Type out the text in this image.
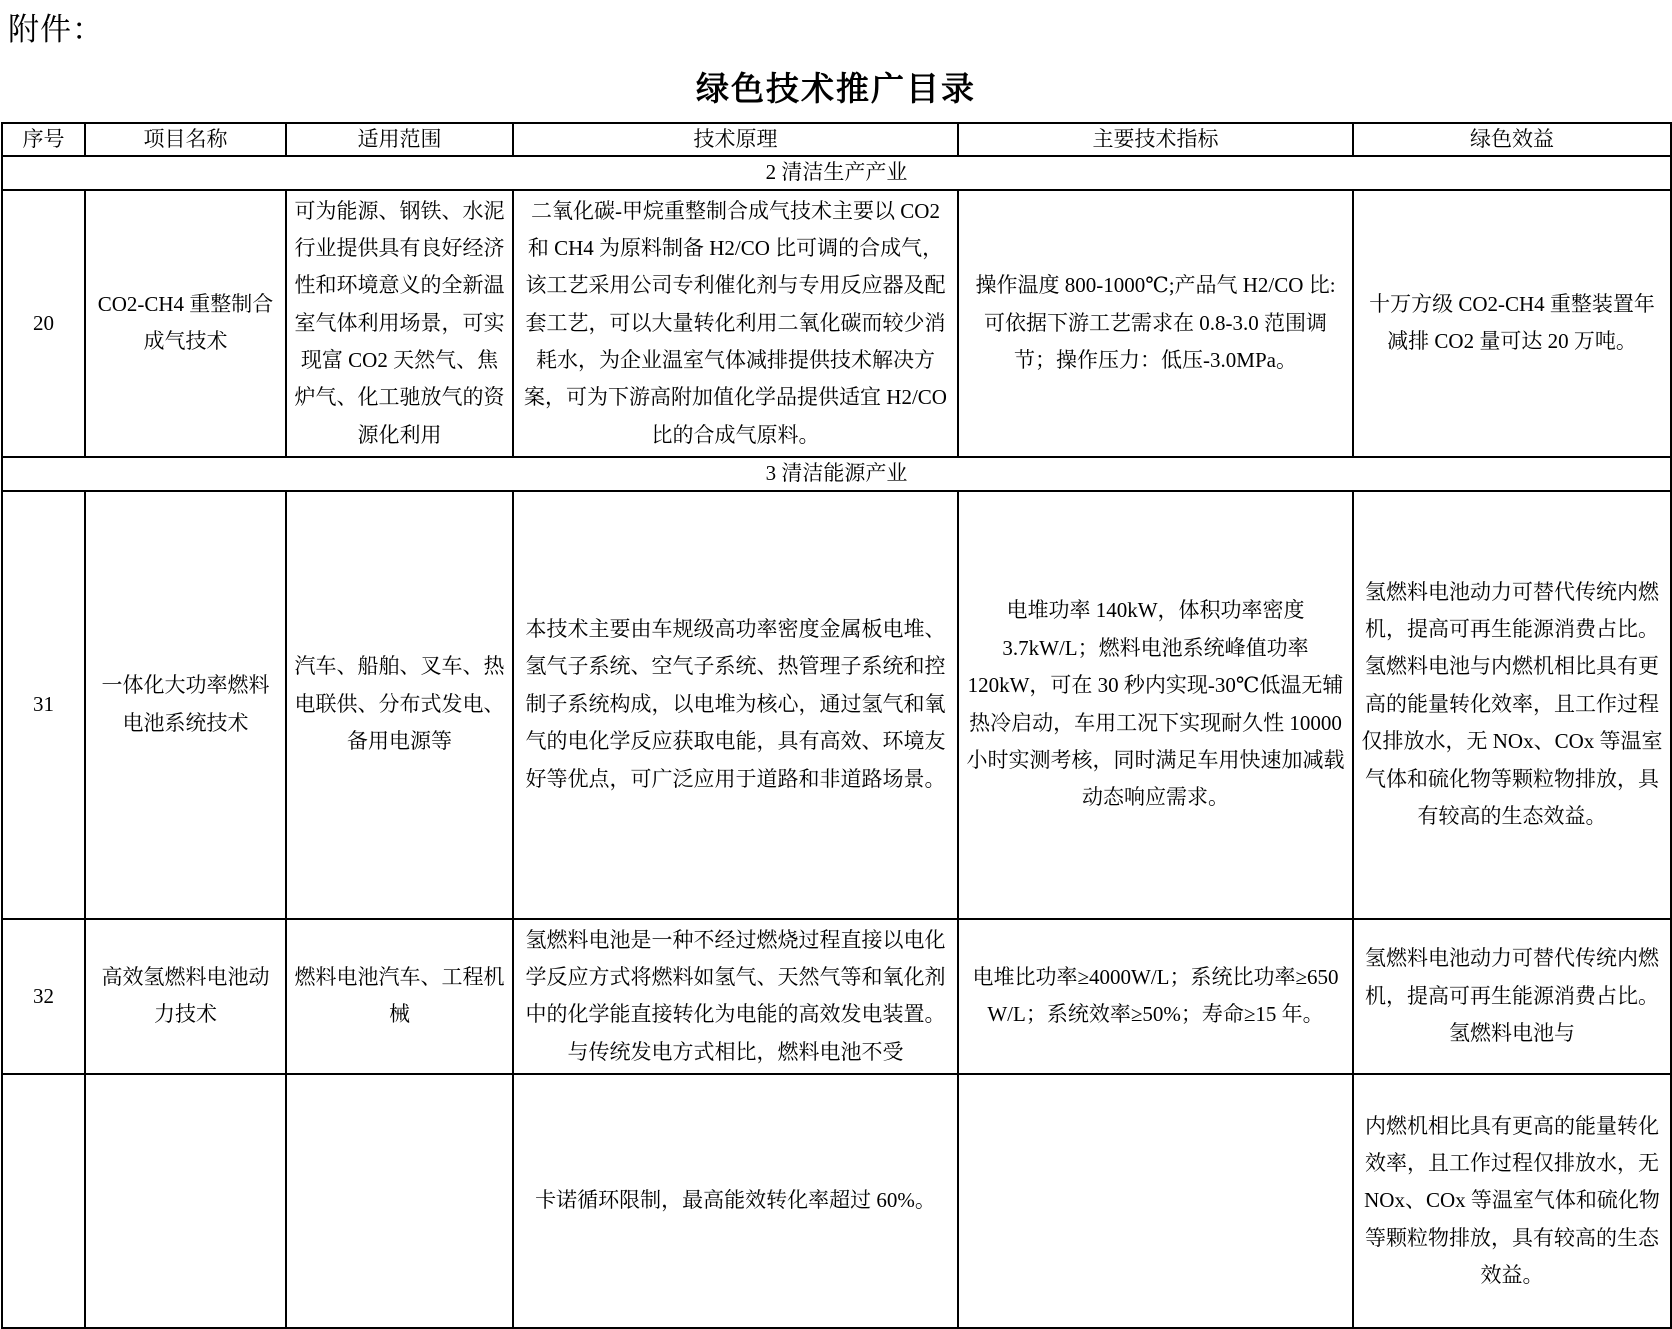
附件：
绿色技术推广目录
序号	项目名称	适用范围	技术原理	主要技术指标	绿色效益
2 清洁生产产业					
20	CO2-CH4 重整制合成气技术	可为能源、钢铁、水泥行业提供具有良好经济性和环境意义的全新温室气体利用场景，可实现富 CO2 天然气、焦炉气、化工驰放气的资源化利用	二氧化碳-甲烷重整制合成气技术主要以 CO2 和 CH4 为原料制备 H2/CO 比可调的合成气，该工艺采用公司专利催化剂与专用反应器及配套工艺，可以大量转化利用二氧化碳而较少消耗水，为企业温室气体减排提供技术解决方案，可为下游高附加值化学品提供适宜 H2/CO 比的合成气原料。	操作温度 800-1000℃;产品气 H2/CO 比:可依据下游工艺需求在 0.8-3.0 范围调节；操作压力：低压-3.0MPa。	十万方级 CO2-CH4 重整装置年减排 CO2 量可达 20 万吨。
3 清洁能源产业					
31	一体化大功率燃料电池系统技术	汽车、船舶、叉车、热电联供、分布式发电、备用电源等	本技术主要由车规级高功率密度金属板电堆、氢气子系统、空气子系统、热管理子系统和控制子系统构成，以电堆为核心，通过氢气和氧气的电化学反应获取电能，具有高效、环境友好等优点，可广泛应用于道路和非道路场景。	电堆功率 140kW，体积功率密度 3.7kW/L；燃料电池系统峰值功率 120kW，可在 30 秒内实现-30℃低温无辅热冷启动，车用工况下实现耐久性 10000 小时实测考核，同时满足车用快速加减载动态响应需求。	氢燃料电池动力可替代传统内燃机，提高可再生能源消费占比。氢燃料电池与内燃机相比具有更高的能量转化效率，且工作过程仅排放水，无 NOx、COx 等温室气体和硫化物等颗粒物排放，具有较高的生态效益。
32	高效氢燃料电池动力技术	燃料电池汽车、工程机械	氢燃料电池是一种不经过燃烧过程直接以电化学反应方式将燃料如氢气、天然气等和氧化剂中的化学能直接转化为电能的高效发电装置。与传统发电方式相比，燃料电池不受	电堆比功率≥4000W/L；系统比功率≥650 W/L；系统效率≥50%；寿命≥15 年。	氢燃料电池动力可替代传统内燃机，提高可再生能源消费占比。氢燃料电池与
			卡诺循环限制，最高能效转化率超过 60%。		内燃机相比具有更高的能量转化效率，且工作过程仅排放水，无 NOx、COx 等温室气体和硫化物等颗粒物排放，具有较高的生态效益。
